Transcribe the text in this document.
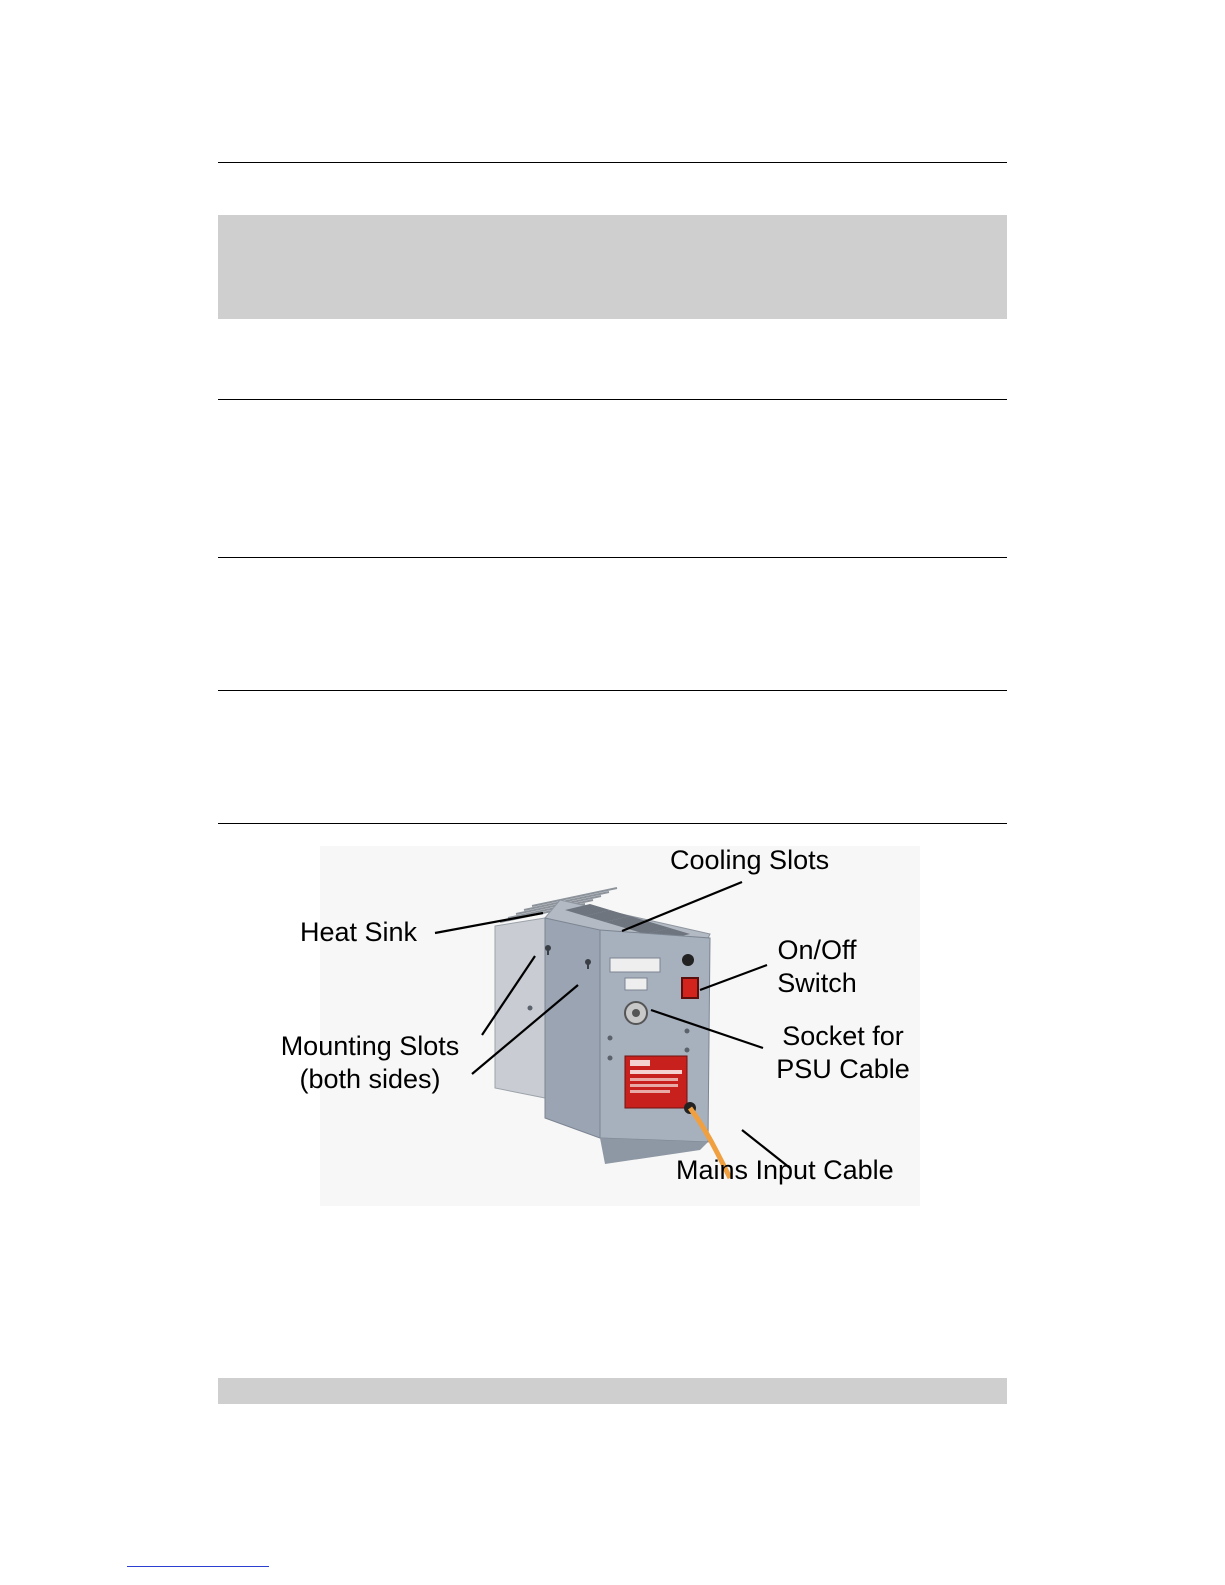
Cooling Slots
Heat Sink
On/Off
Switch
Mounting Slots
(both sides)
Socket for
PSU Cable
Mains Input Cable
